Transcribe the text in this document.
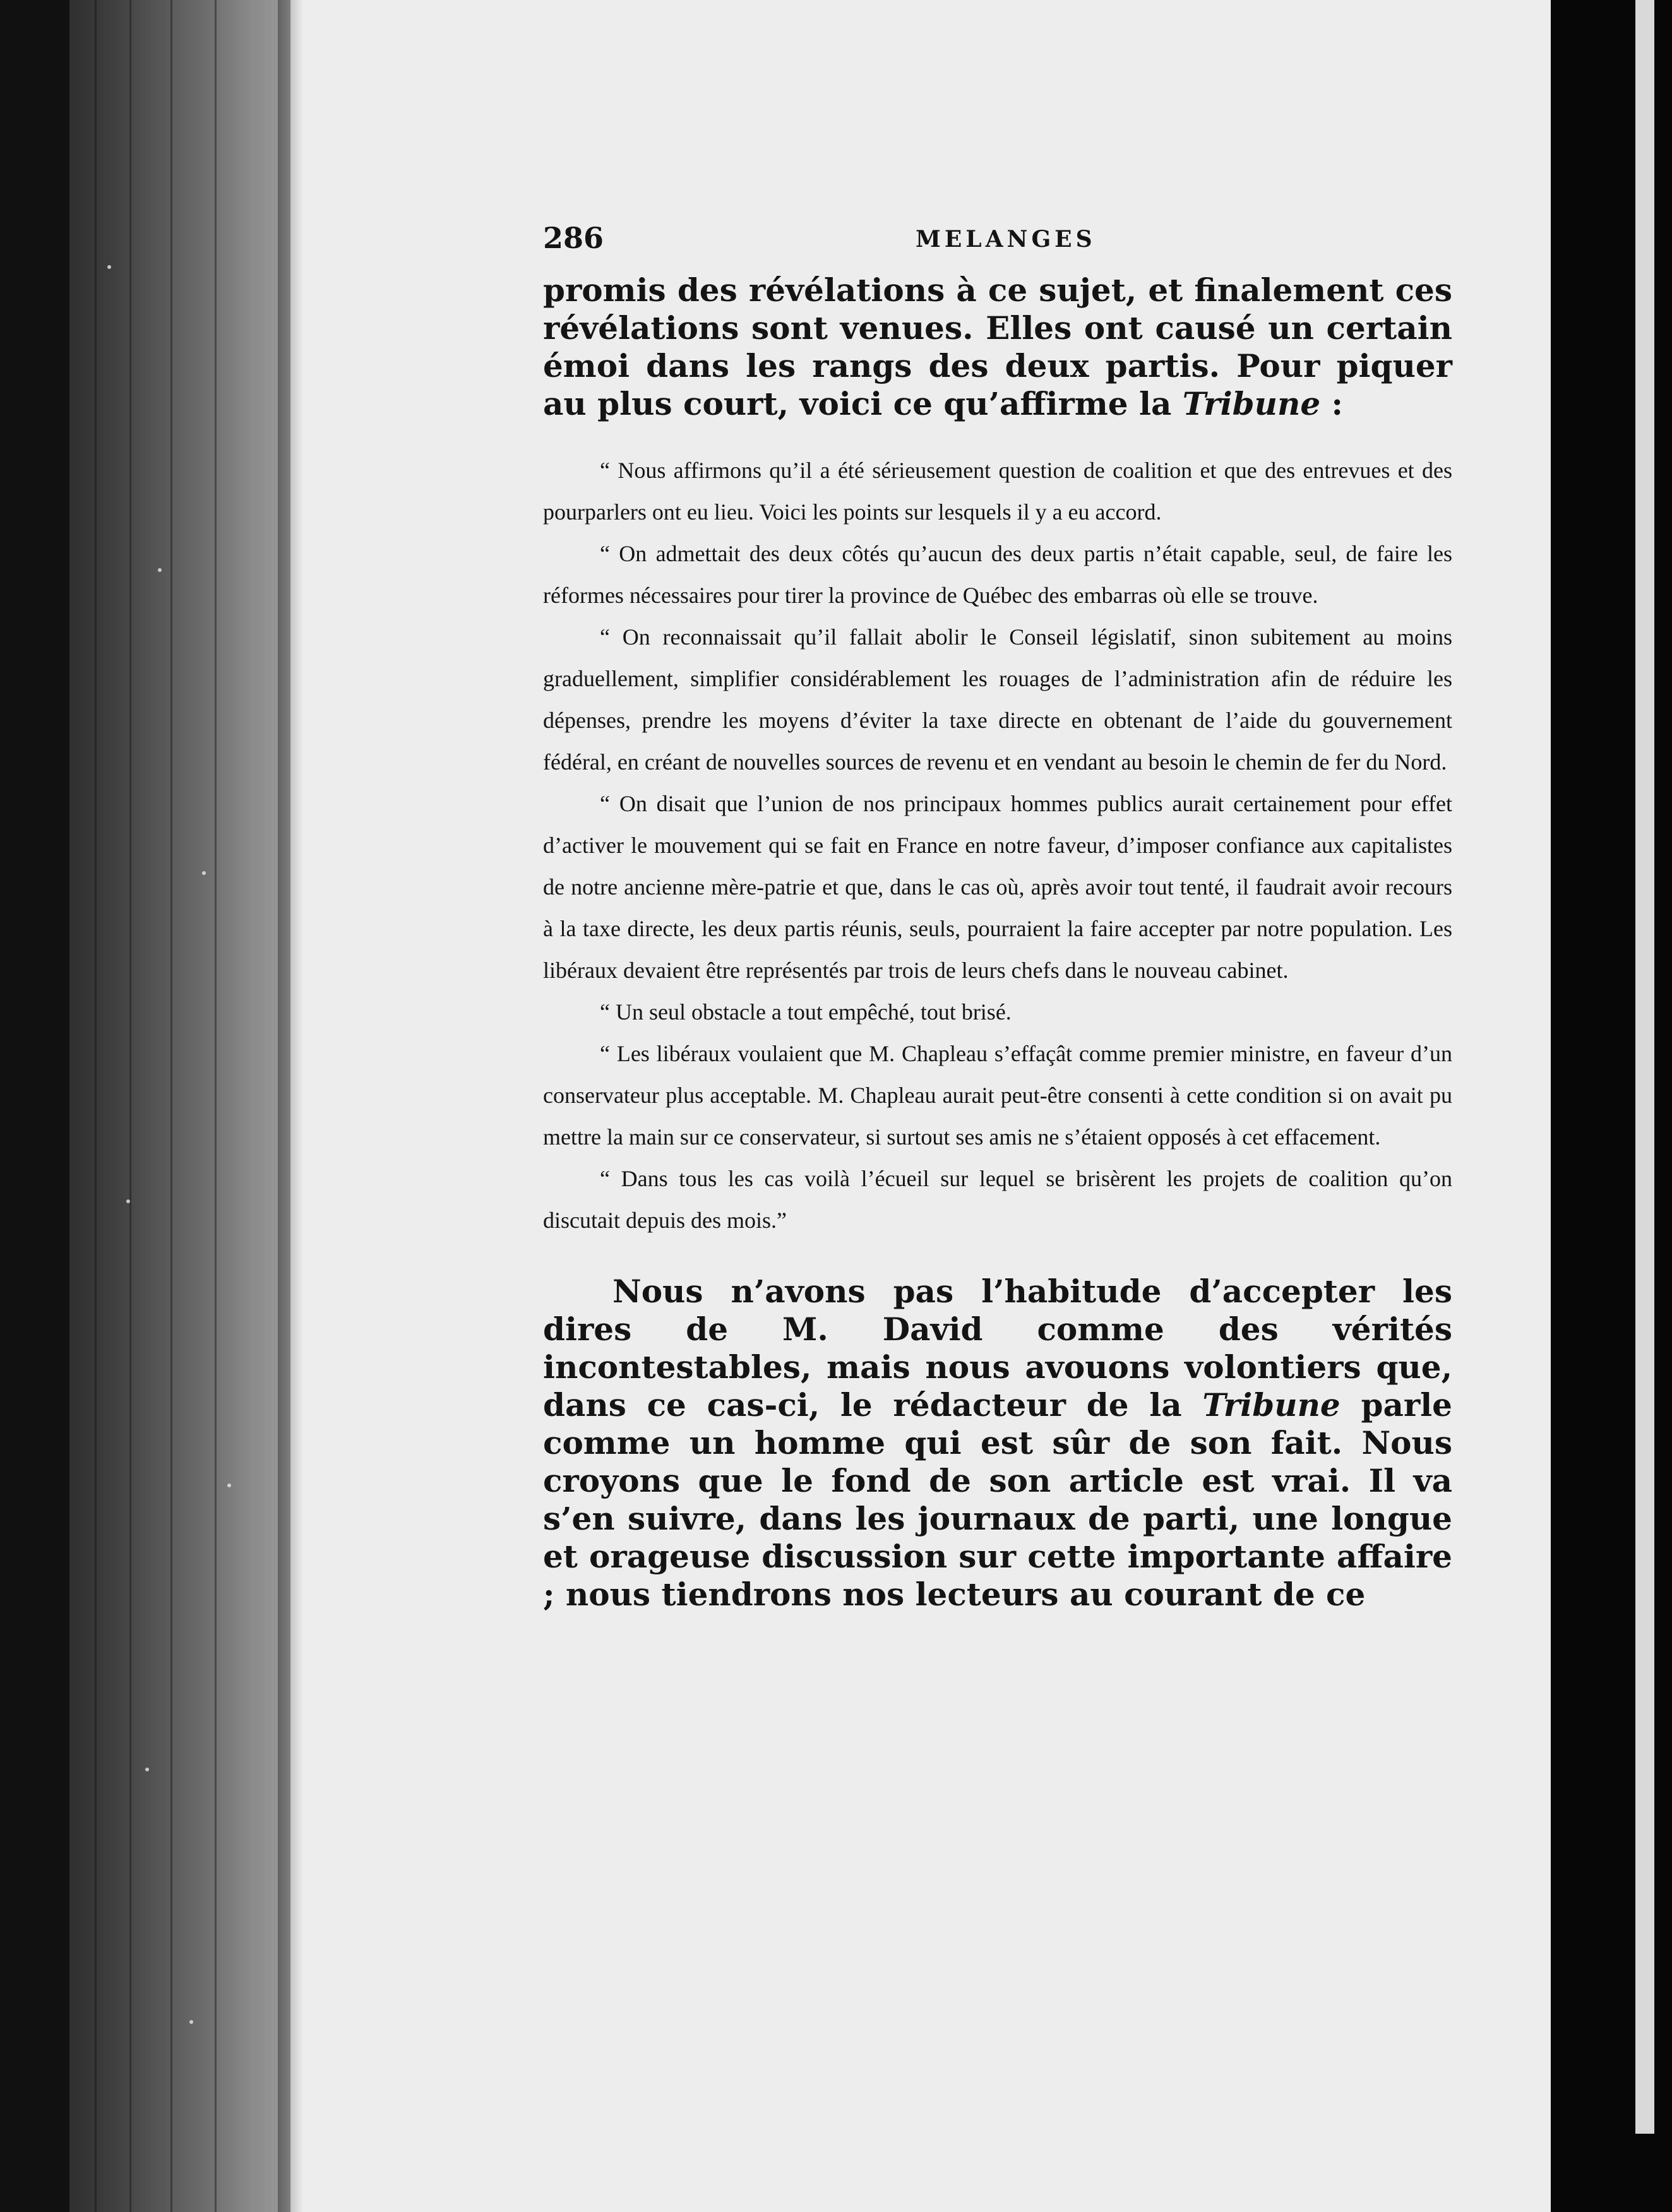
286	MELANGES

promis des révélations à ce sujet, et finalement ces révélations sont venues. Elles ont causé un certain émoi dans les rangs des deux partis. Pour piquer au plus court, voici ce qu’affirme la Tribune :

“ Nous affirmons qu’il a été sérieusement question de coalition et que des entrevues et des pourparlers ont eu lieu. Voici les points sur lesquels il y a eu accord.

“ On admettait des deux côtés qu’aucun des deux partis n’était capable, seul, de faire les réformes nécessaires pour tirer la province de Québec des embarras où elle se trouve.

“ On reconnaissait qu’il fallait abolir le Conseil législatif, sinon subitement au moins graduellement, simplifier considérablement les rouages de l’administration afin de réduire les dépenses, prendre les moyens d’éviter la taxe directe en obtenant de l’aide du gouvernement fédéral, en créant de nouvelles sources de revenu et en vendant au besoin le chemin de fer du Nord.

“ On disait que l’union de nos principaux hommes publics aurait certainement pour effet d’activer le mouvement qui se fait en France en notre faveur, d’imposer confiance aux capitalistes de notre ancienne mère-patrie et que, dans le cas où, après avoir tout tenté, il faudrait avoir recours à la taxe directe, les deux partis réunis, seuls, pourraient la faire accepter par notre population. Les libéraux devaient être représentés par trois de leurs chefs dans le nouveau cabinet.

“ Un seul obstacle a tout empêché, tout brisé.

“ Les libéraux voulaient que M. Chapleau s’effaçât comme premier ministre, en faveur d’un conservateur plus acceptable. M. Chapleau aurait peut-être consenti à cette condition si on avait pu mettre la main sur ce conservateur, si surtout ses amis ne s’étaient opposés à cet effacement.

“ Dans tous les cas voilà l’écueil sur lequel se brisèrent les projets de coalition qu’on discutait depuis des mois.”

Nous n’avons pas l’habitude d’accepter les dires de M. David comme des vérités incontestables, mais nous avouons volontiers que, dans ce cas-ci, le rédacteur de la Tribune parle comme un homme qui est sûr de son fait. Nous croyons que le fond de son article est vrai. Il va s’en suivre, dans les journaux de parti, une longue et orageuse discussion sur cette importante affaire ; nous tiendrons nos lecteurs au courant de ce
